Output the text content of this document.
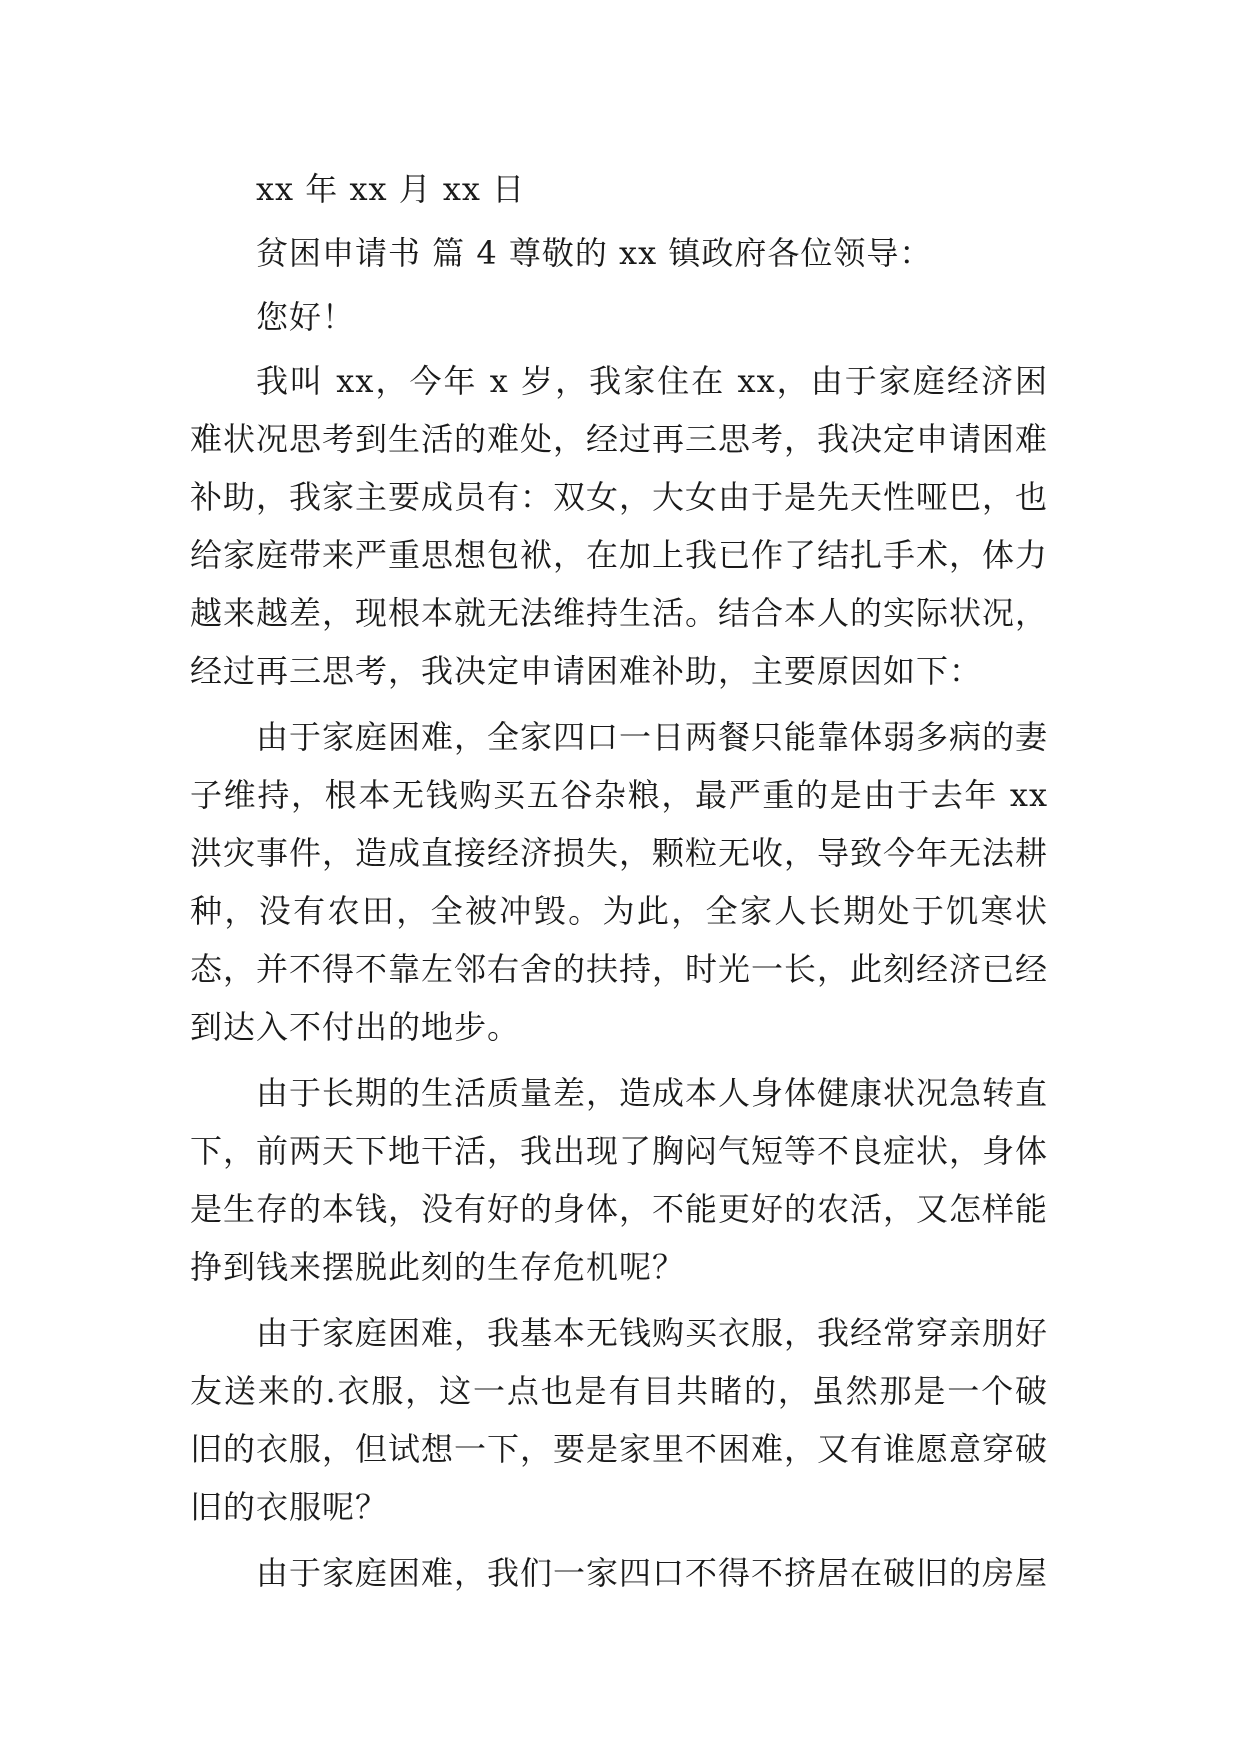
xx 年 xx 月 xx 日

贫困申请书 篇 4 尊敬的 xx 镇政府各位领导：

您好！

我叫 xx，今年 x 岁，我家住在 xx，由于家庭经济困难状况思考到生活的难处，经过再三思考，我决定申请困难补助，我家主要成员有：双女，大女由于是先天性哑巴，也给家庭带来严重思想包袱，在加上我已作了结扎手术，体力越来越差，现根本就无法维持生活。结合本人的实际状况，经过再三思考，我决定申请困难补助，主要原因如下：

由于家庭困难，全家四口一日两餐只能靠体弱多病的妻子维持，根本无钱购买五谷杂粮，最严重的是由于去年 xx 洪灾事件，造成直接经济损失，颗粒无收，导致今年无法耕种，没有农田，全被冲毁。为此，全家人长期处于饥寒状态，并不得不靠左邻右舍的扶持，时光一长，此刻经济已经到达入不付出的地步。

由于长期的生活质量差，造成本人身体健康状况急转直下，前两天下地干活，我出现了胸闷气短等不良症状，身体是生存的本钱，没有好的身体，不能更好的农活，又怎样能挣到钱来摆脱此刻的生存危机呢？

由于家庭困难，我基本无钱购买衣服，我经常穿亲朋好友送来的.衣服，这一点也是有目共睹的，虽然那是一个破旧的衣服，但试想一下，要是家里不困难，又有谁愿意穿破旧的衣服呢？

由于家庭困难，我们一家四口不得不挤居在破旧的房屋
